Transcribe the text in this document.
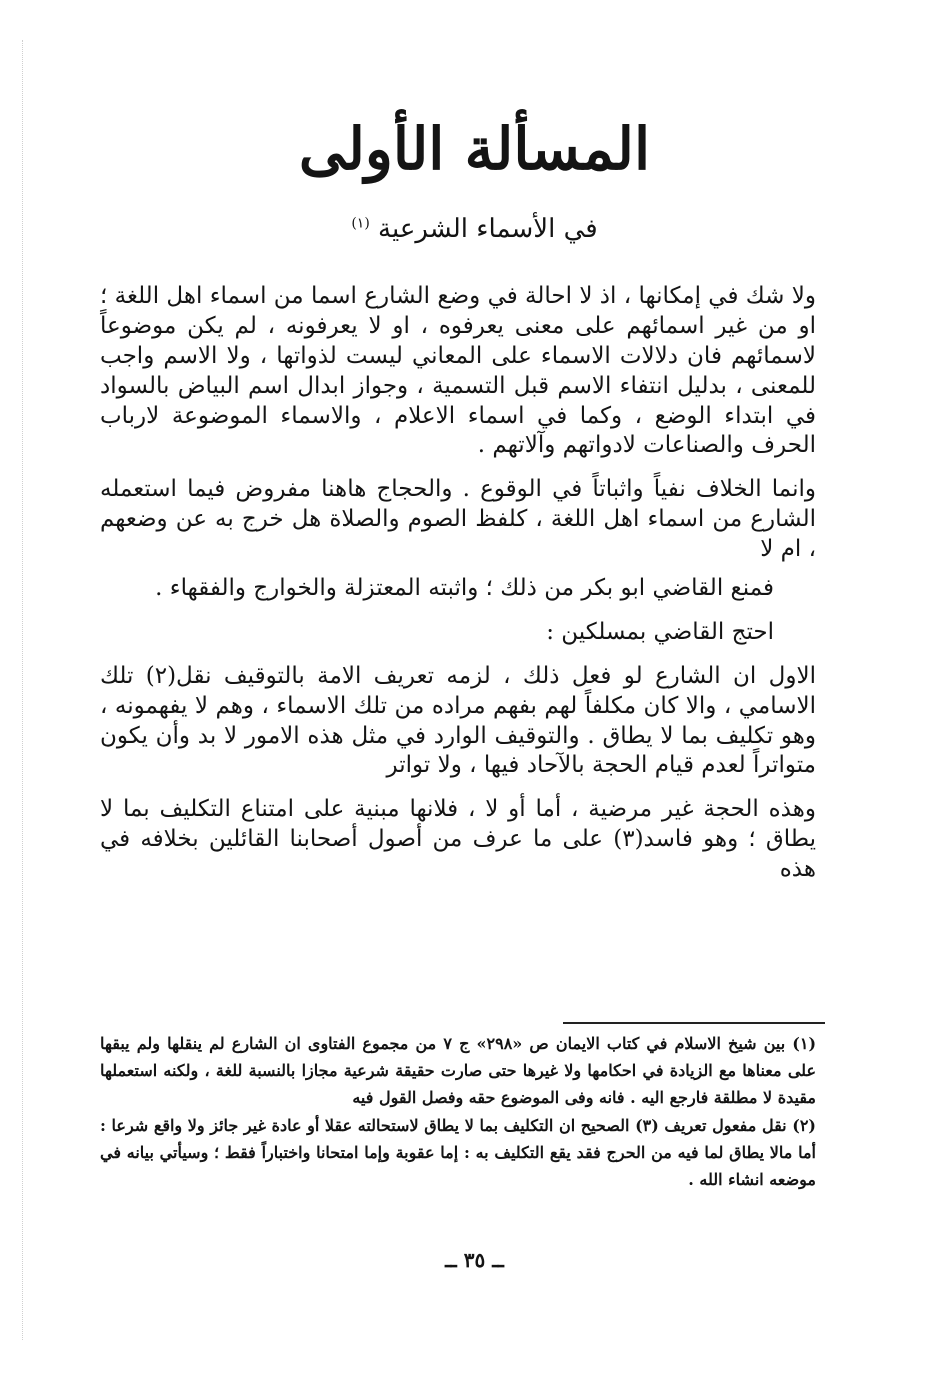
المسألة الأولى
في الأسماء الشرعية $^{(١)}$

ولا شك في إمكانها ، اذ لا احالة في وضع الشارع اسما من اسماء اهل اللغة ؛ او من غير اسمائهم على معنى يعرفوه ، او لا يعرفونه ، لم يكن موضوعاً لاسمائهم فان دلالات الاسماء على المعاني ليست لذواتها ، ولا الاسم واجب للمعنى ، بدليل انتفاء الاسم قبل التسمية ، وجواز ابدال اسم البياض بالسواد في ابتداء الوضع ، وكما في اسماء الاعلام ، والاسماء الموضوعة لارباب الحرف والصناعات لادواتهم وآلاتهم .

وانما الخلاف نفياً واثباتاً في الوقوع . والحجاج هاهنا مفروض فيما استعمله الشارع من اسماء اهل اللغة ، كلفظ الصوم والصلاة هل خرج به عن وضعهم ، ام لا

فمنع القاضي ابو بكر من ذلك ؛ واثبته المعتزلة والخوارج والفقهاء .

احتج القاضي بمسلكين :

الاول ان الشارع لو فعل ذلك ، لزمه تعريف الامة بالتوقيف نقل(٢) تلك الاسامي ، والا كان مكلفاً لهم بفهم مراده من تلك الاسماء ، وهم لا يفهمونه ، وهو تكليف بما لا يطاق . والتوقيف الوارد في مثل هذه الامور لا بد وأن يكون متواتراً لعدم قيام الحجة بالآحاد فيها ، ولا تواتر

وهذه الحجة غير مرضية ، أما أو لا ، فلانها مبنية على امتناع التكليف بما لا يطاق ؛ وهو فاسد(٣) على ما عرف من أصول أصحابنا القائلين بخلافه في هذه

(١) بين شيخ الاسلام في كتاب الايمان ص «٢٩٨» ج ٧ من مجموع الفتاوى ان الشارع لم ينقلها ولم يبقها على معناها مع الزيادة في احكامها ولا غيرها حتى صارت حقيقة شرعية مجازا بالنسبة للغة ، ولكنه استعملها مقيدة لا مطلقة فارجع اليه . فانه وفى الموضوع حقه وفصل القول فيه

(٢) نقل مفعول تعريف (٣) الصحيح ان التكليف بما لا يطاق لاستحالته عقلا أو عادة غير جائز ولا واقع شرعا : أما مالا يطاق لما فيه من الحرج فقد يقع التكليف به : إما عقوبة وإما امتحانا واختباراً فقط ؛ وسيأتي بيانه في موضعه انشاء الله .

ــ ٣٥ ــ
